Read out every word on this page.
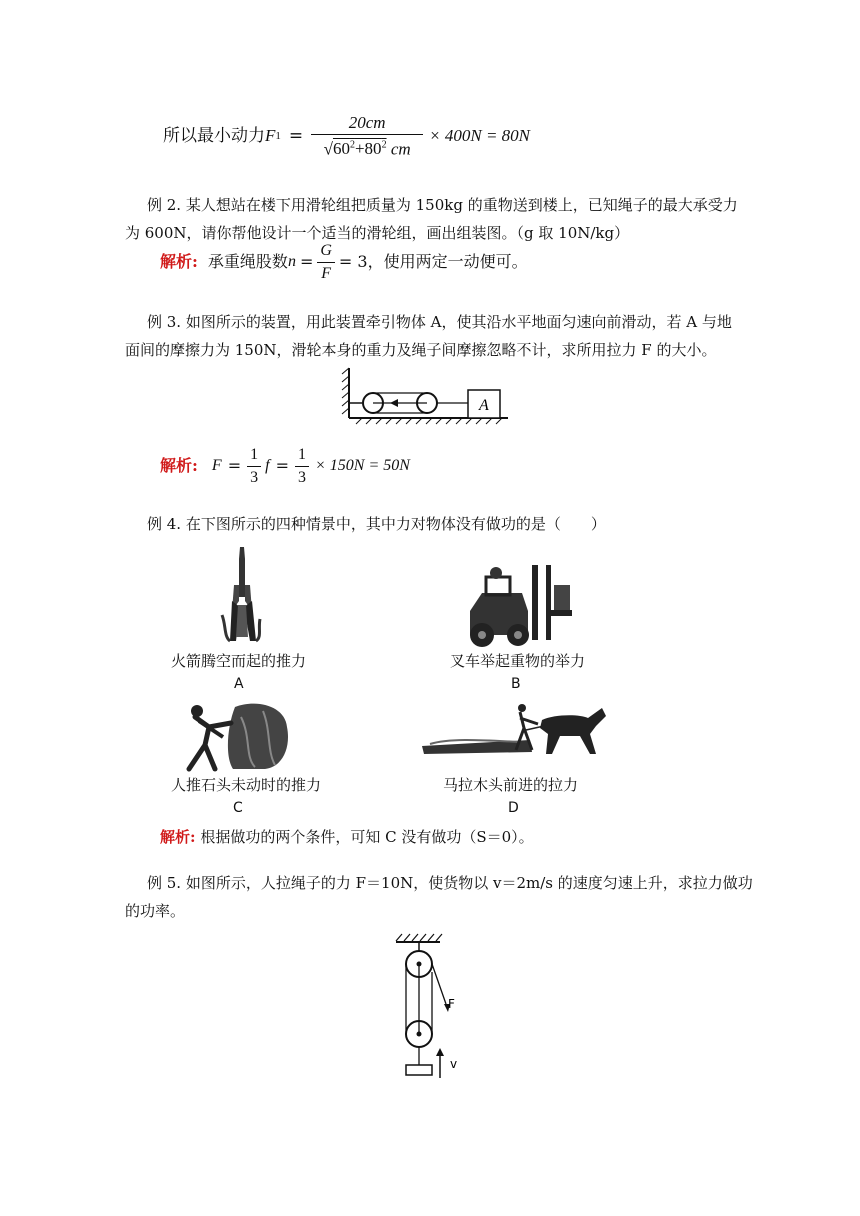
所以最小动力 F $1 = \frac{20cm}{√60^2+80^2 cm} \times 400N = 80N$
例 2. 某人想站在楼下用滑轮组把质量为 150kg 的重物送到楼上，已知绳子的最大承受力
为 600N，请你帮他设计一个适当的滑轮组，画出组装图。（g 取 10N/kg）
解析: 承重绳股数 $n = \frac{G}{F} = 3$，使用两定一动便可。
例 3. 如图所示的装置，用此装置牵引物体 A，使其沿水平地面匀速向前滑动，若 A 与地
面间的摩擦力为 150N，滑轮本身的重力及绳子间摩擦忽略不计，求所用拉力 F 的大小。
A
解析: $F = \frac{1}{3}$ $f = \frac{1}{3} \times 150N = 50N$
例 4. 在下图所示的四种情景中，其中力对物体没有做功的是（　　）
火箭腾空而起的推力
A
叉车举起重物的举力
B
人推石头未动时的推力
C
马拉木头前进的拉力
D
解析: 根据做功的两个条件，可知 C 没有做功（S＝0）。
例 5. 如图所示，人拉绳子的力 F＝10N，使货物以 v＝2m/s 的速度匀速上升，求拉力做功
的功率。
F
v
